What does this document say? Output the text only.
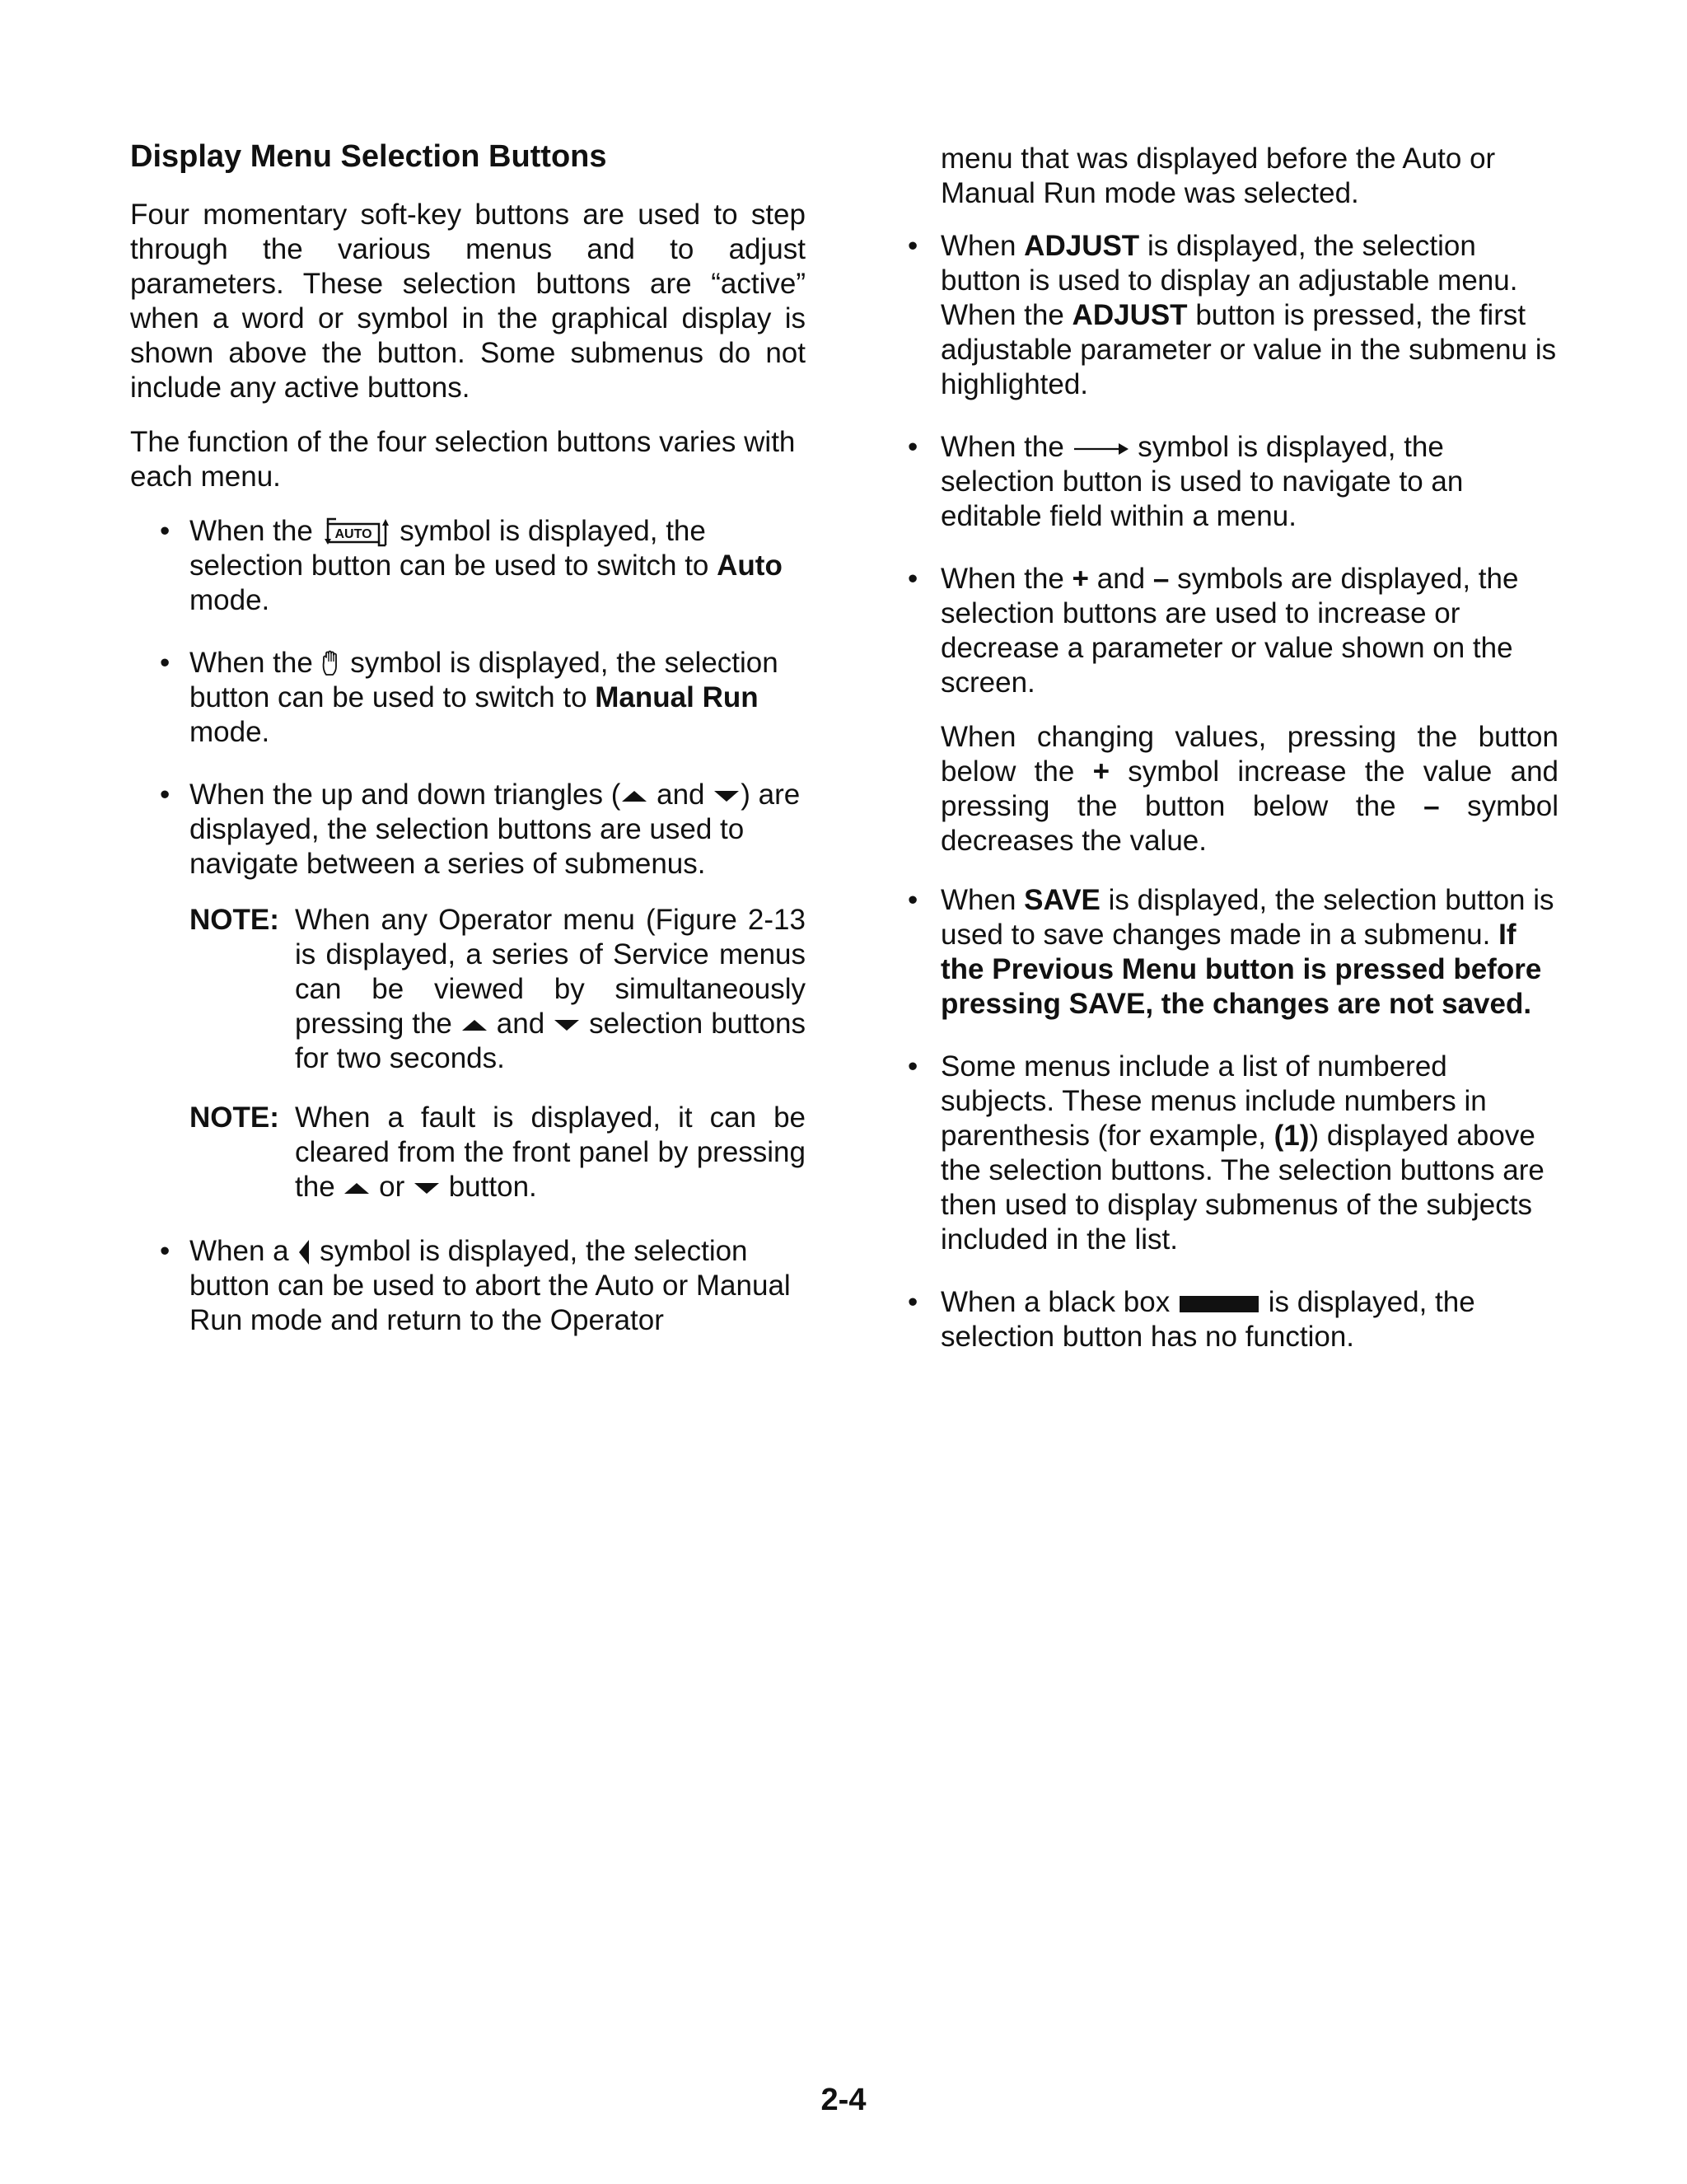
Display Menu Selection Buttons

Four momentary soft-key buttons are used to step through the various menus and to adjust parameters. These selection buttons are “active” when a word or symbol in the graphical display is shown above the button. Some submenus do not include any active buttons.

The function of the four selection buttons varies with each menu.

• When the AUTO symbol is displayed, the selection button can be used to switch to Auto mode.
• When the symbol is displayed, the selection button can be used to switch to Manual Run mode.
• When the up and down triangles ( and ) are displayed, the selection buttons are used to navigate between a series of submenus.
NOTE: When any Operator menu (Figure 2-13 is displayed, a series of Service menus can be viewed by simultaneously pressing the and selection buttons for two seconds.
NOTE: When a fault is displayed, it can be cleared from the front panel by pressing the or button.
• When a symbol is displayed, the selection button can be used to abort the Auto or Manual Run mode and return to the Operator

menu that was displayed before the Auto or Manual Run mode was selected.

• When ADJUST is displayed, the selection button is used to display an adjustable menu. When the ADJUST button is pressed, the first adjustable parameter or value in the submenu is highlighted.
• When the	symbol is displayed, the selection button is used to navigate to an editable field within a menu.
• When the + and – symbols are displayed, the selection buttons are used to increase or decrease a parameter or value shown on the screen.
When changing values, pressing the button below the + symbol increase the value and pressing the button below the – symbol decreases the value.
• When SAVE is displayed, the selection button is used to save changes made in a submenu. If the Previous Menu button is pressed before pressing SAVE, the changes are not saved.
• Some menus include a list of numbered subjects. These menus include numbers in parenthesis (for example, (1)) displayed above the selection buttons. The selection buttons are then used to display submenus of the subjects included in the list.
• When a black box	is displayed, the selection button has no function.
2-4
